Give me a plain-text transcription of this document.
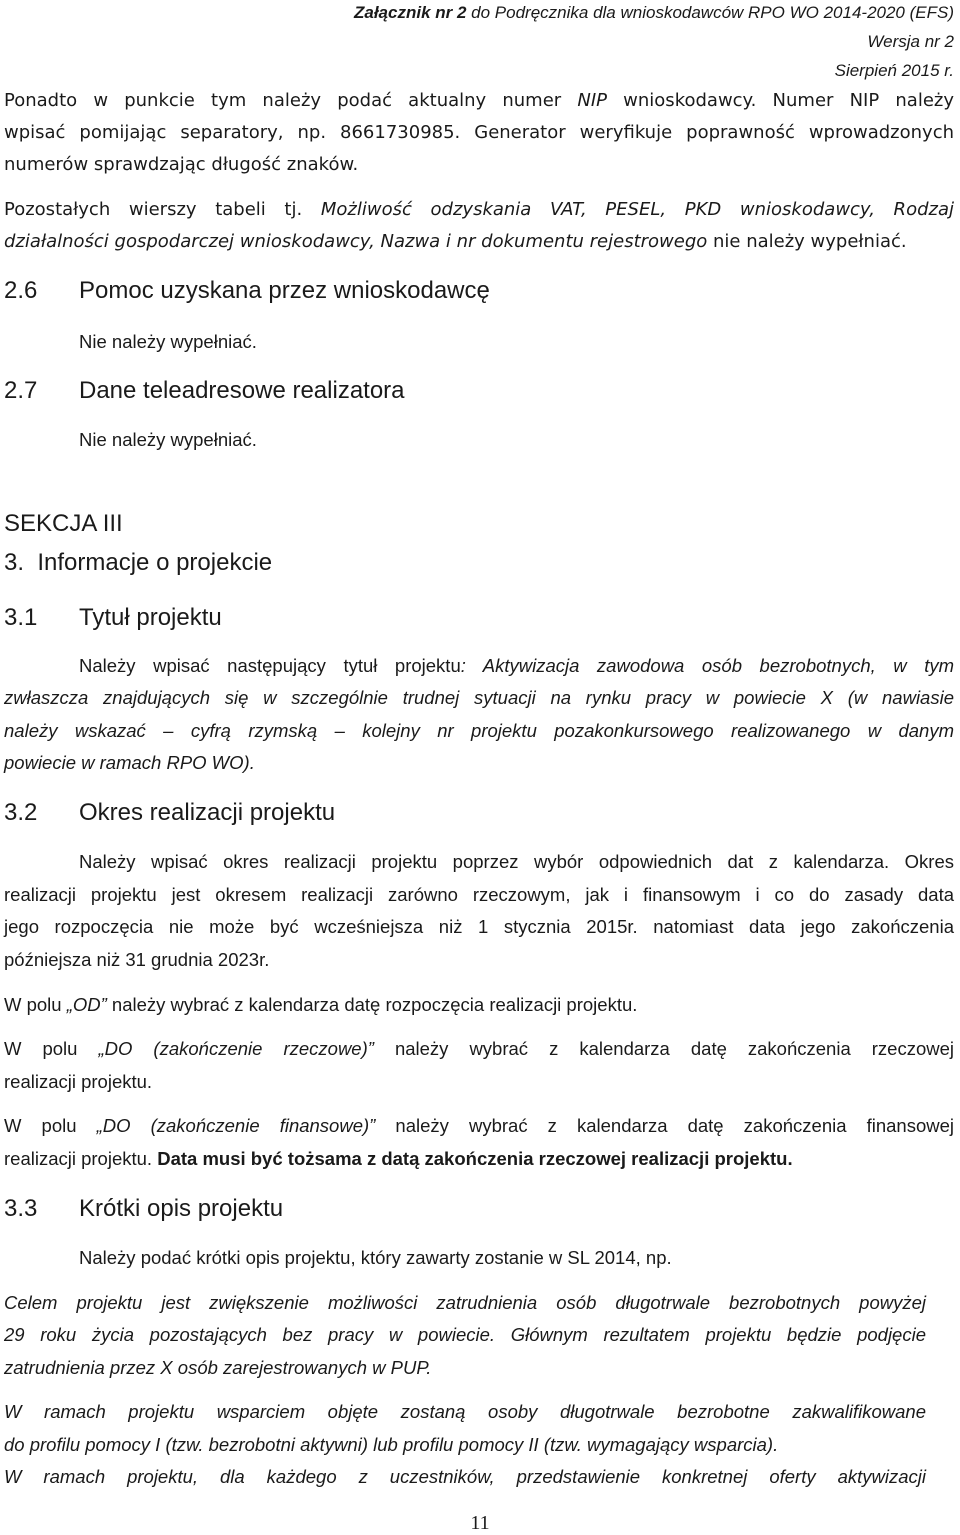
Załącznik nr 2 do Podręcznika dla wnioskodawców RPO WO 2014-2020 (EFS)
Wersja nr 2
Sierpień 2015 r.
Ponadto w punkcie tym należy podać aktualny numer NIP wnioskodawcy. Numer NIP należy
wpisać pomijając separatory, np. 8661730985. Generator weryfikuje poprawność wprowadzonych
numerów sprawdzając długość znaków.
Pozostałych wierszy tabeli tj. Możliwość odzyskania VAT, PESEL, PKD wnioskodawcy, Rodzaj
działalności gospodarczej wnioskodawcy, Nazwa i nr dokumentu rejestrowego nie należy wypełniać.
2.6 Pomoc uzyskana przez wnioskodawcę
Nie należy wypełniać.
2.7 Dane teleadresowe realizatora
Nie należy wypełniać.
SEKCJA III
3. Informacje o projekcie
3.1 Tytuł projektu
Należy wpisać następujący tytuł projektu: Aktywizacja zawodowa osób bezrobotnych, w tym
zwłaszcza znajdujących się w szczególnie trudnej sytuacji na rynku pracy w powiecie X (w nawiasie
należy wskazać – cyfrą rzymską – kolejny nr projektu pozakonkursowego realizowanego w danym
powiecie w ramach RPO WO).
3.2 Okres realizacji projektu
Należy wpisać okres realizacji projektu poprzez wybór odpowiednich dat z kalendarza. Okres
realizacji projektu jest okresem realizacji zarówno rzeczowym, jak i finansowym i co do zasady data
jego rozpoczęcia nie może być wcześniejsza niż 1 stycznia 2015r. natomiast data jego zakończenia
późniejsza niż 31 grudnia 2023r.
W polu „OD” należy wybrać z kalendarza datę rozpoczęcia realizacji projektu.
W polu „DO (zakończenie rzeczowe)” należy wybrać z kalendarza datę zakończenia rzeczowej
realizacji projektu.
W polu „DO (zakończenie finansowe)” należy wybrać z kalendarza datę zakończenia finansowej
realizacji projektu. Data musi być tożsama z datą zakończenia rzeczowej realizacji projektu.
3.3 Krótki opis projektu
Należy podać krótki opis projektu, który zawarty zostanie w SL 2014, np.
Celem projektu jest zwiększenie możliwości zatrudnienia osób długotrwale bezrobotnych powyżej
29 roku życia pozostających bez pracy w powiecie. Głównym rezultatem projektu będzie podjęcie
zatrudnienia przez X osób zarejestrowanych w PUP.
W ramach projektu wsparciem objęte zostaną osoby długotrwale bezrobotne zakwalifikowane
do profilu pomocy I (tzw. bezrobotni aktywni) lub profilu pomocy II (tzw. wymagający wsparcia).
W ramach projektu, dla każdego z uczestników, przedstawienie konkretnej oferty aktywizacji
11
